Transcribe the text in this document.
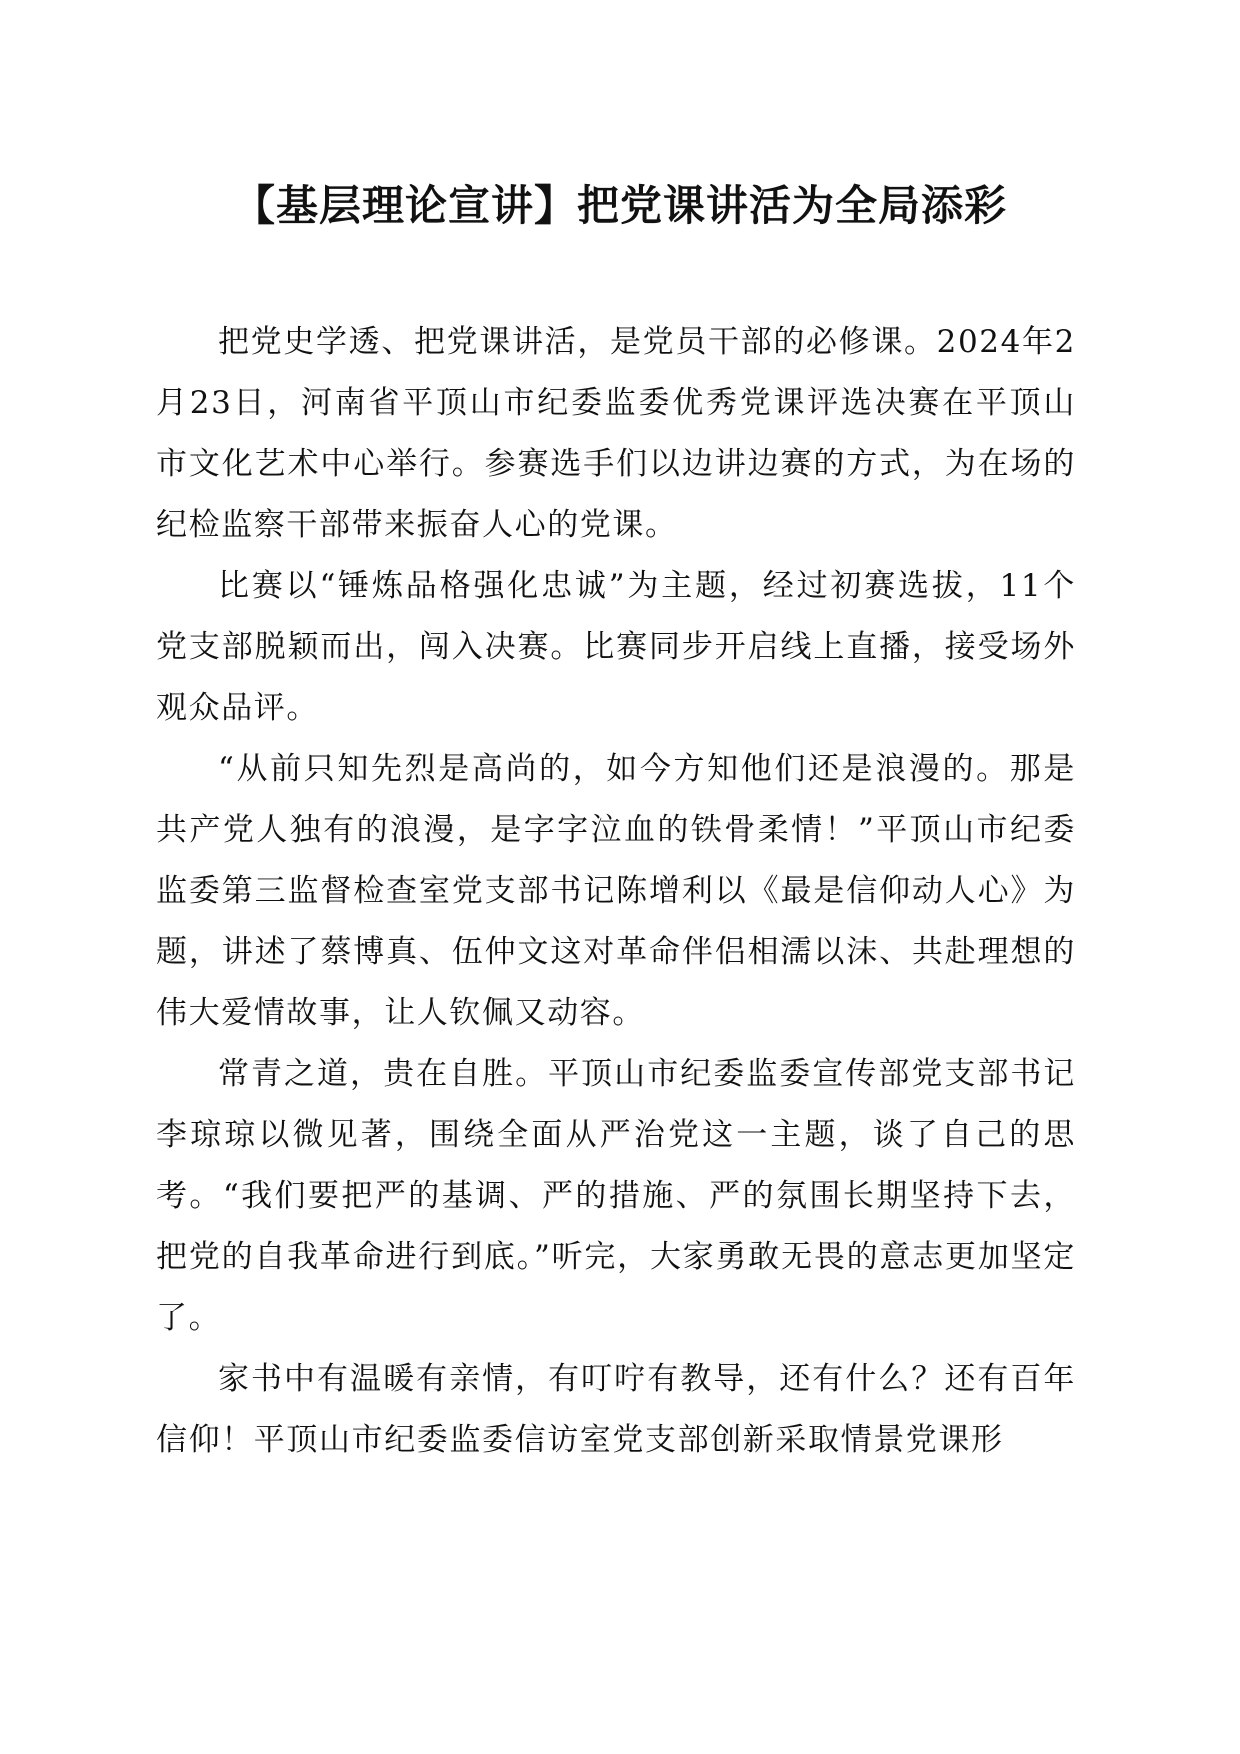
【基层理论宣讲】把党课讲活为全局添彩

把党史学透、把党课讲活，是党员干部的必修课。2024年2月23日，河南省平顶山市纪委监委优秀党课评选决赛在平顶山市文化艺术中心举行。参赛选手们以边讲边赛的方式，为在场的纪检监察干部带来振奋人心的党课。

比赛以“锤炼品格强化忠诚”为主题，经过初赛选拔，11个党支部脱颖而出，闯入决赛。比赛同步开启线上直播，接受场外观众品评。

“从前只知先烈是高尚的，如今方知他们还是浪漫的。那是共产党人独有的浪漫，是字字泣血的铁骨柔情！”平顶山市纪委监委第三监督检查室党支部书记陈增利以《最是信仰动人心》为题，讲述了蔡博真、伍仲文这对革命伴侣相濡以沫、共赴理想的伟大爱情故事，让人钦佩又动容。

常青之道，贵在自胜。平顶山市纪委监委宣传部党支部书记李琼琼以微见著，围绕全面从严治党这一主题，谈了自己的思考。“我们要把严的基调、严的措施、严的氛围长期坚持下去，把党的自我革命进行到底。”听完，大家勇敢无畏的意志更加坚定了。

家书中有温暖有亲情，有叮咛有教导，还有什么？还有百年信仰！平顶山市纪委监委信访室党支部创新采取情景党课形
